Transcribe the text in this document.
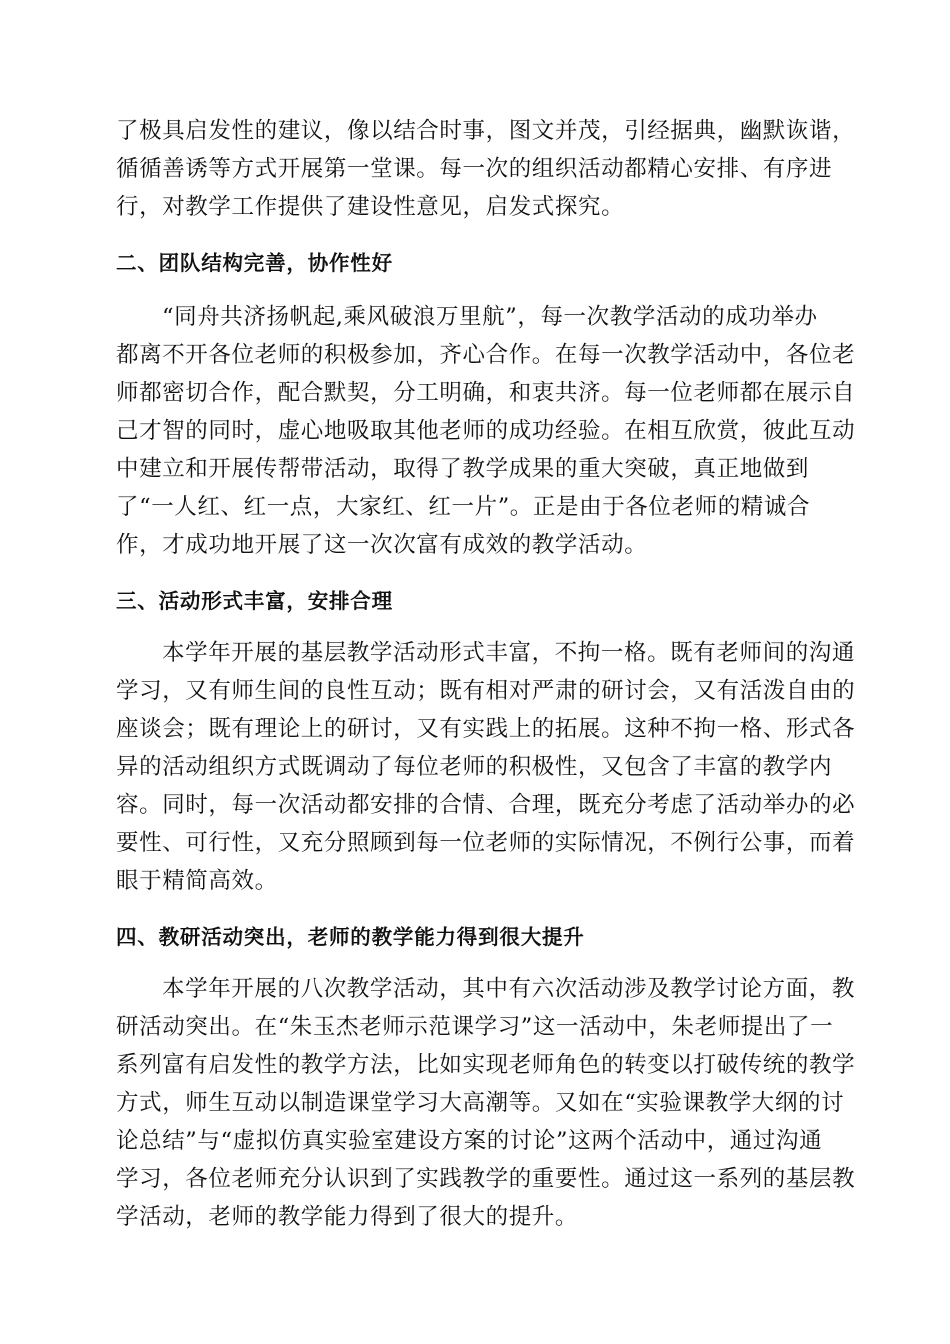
了极具启发性的建议，像以结合时事，图文并茂，引经据典，幽默诙谐，
循循善诱等方式开展第一堂课。每一次的组织活动都精心安排、有序进
行，对教学工作提供了建设性意见，启发式探究。
二、团队结构完善，协作性好
“同舟共济扬帆起,乘风破浪万里航”，每一次教学活动的成功举办
都离不开各位老师的积极参加，齐心合作。在每一次教学活动中，各位老
师都密切合作，配合默契，分工明确，和衷共济。每一位老师都在展示自
己才智的同时，虚心地吸取其他老师的成功经验。在相互欣赏，彼此互动
中建立和开展传帮带活动，取得了教学成果的重大突破，真正地做到
了“一人红、红一点，大家红、红一片”。正是由于各位老师的精诚合
作，才成功地开展了这一次次富有成效的教学活动。
三、活动形式丰富，安排合理
本学年开展的基层教学活动形式丰富，不拘一格。既有老师间的沟通
学习，又有师生间的良性互动；既有相对严肃的研讨会，又有活泼自由的
座谈会；既有理论上的研讨，又有实践上的拓展。这种不拘一格、形式各
异的活动组织方式既调动了每位老师的积极性，又包含了丰富的教学内
容。同时，每一次活动都安排的合情、合理，既充分考虑了活动举办的必
要性、可行性，又充分照顾到每一位老师的实际情况，不例行公事，而着
眼于精简高效。
四、教研活动突出，老师的教学能力得到很大提升
本学年开展的八次教学活动，其中有六次活动涉及教学讨论方面，教
研活动突出。在“朱玉杰老师示范课学习”这一活动中，朱老师提出了一
系列富有启发性的教学方法，比如实现老师角色的转变以打破传统的教学
方式，师生互动以制造课堂学习大高潮等。又如在“实验课教学大纲的讨
论总结”与“虚拟仿真实验室建设方案的讨论”这两个活动中，通过沟通
学习，各位老师充分认识到了实践教学的重要性。通过这一系列的基层教
学活动，老师的教学能力得到了很大的提升。
